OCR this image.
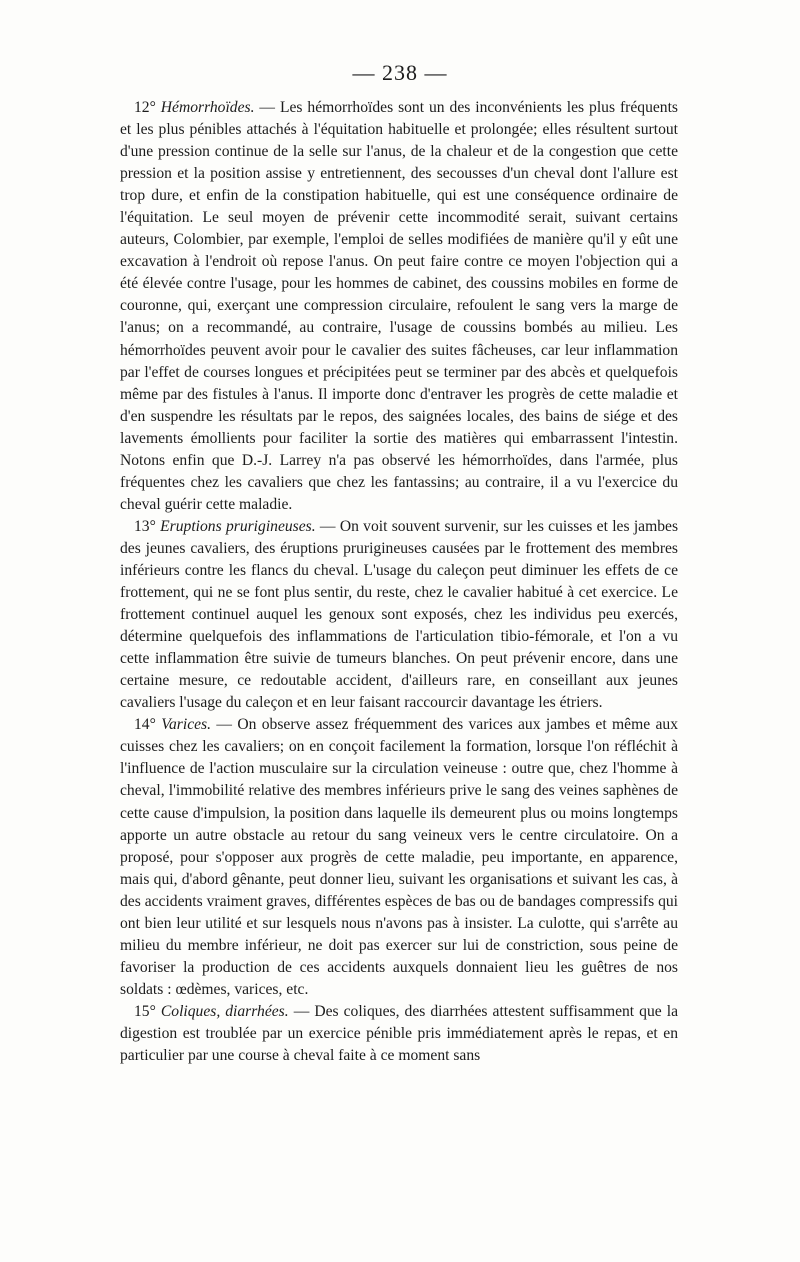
— 238 —

12° Hémorrhoïdes. — Les hémorrhoïdes sont un des inconvénients les plus fréquents et les plus pénibles attachés à l'équitation habituelle et prolongée; elles résultent surtout d'une pression continue de la selle sur l'anus, de la chaleur et de la congestion que cette pression et la position assise y entretiennent, des secousses d'un cheval dont l'allure est trop dure, et enfin de la constipation habituelle, qui est une conséquence ordinaire de l'équitation. Le seul moyen de prévenir cette incommodité serait, suivant certains auteurs, Colombier, par exemple, l'emploi de selles modifiées de manière qu'il y eût une excavation à l'endroit où repose l'anus. On peut faire contre ce moyen l'objection qui a été élevée contre l'usage, pour les hommes de cabinet, des coussins mobiles en forme de couronne, qui, exerçant une compression circulaire, refoulent le sang vers la marge de l'anus; on a recommandé, au contraire, l'usage de coussins bombés au milieu. Les hémorrhoïdes peuvent avoir pour le cavalier des suites fâcheuses, car leur inflammation par l'effet de courses longues et précipitées peut se terminer par des abcès et quelquefois même par des fistules à l'anus. Il importe donc d'entraver les progrès de cette maladie et d'en suspendre les résultats par le repos, des saignées locales, des bains de siége et des lavements émollients pour faciliter la sortie des matières qui embarrassent l'intestin. Notons enfin que D.-J. Larrey n'a pas observé les hémorrhoïdes, dans l'armée, plus fréquentes chez les cavaliers que chez les fantassins; au contraire, il a vu l'exercice du cheval guérir cette maladie.

13° Eruptions prurigineuses. — On voit souvent survenir, sur les cuisses et les jambes des jeunes cavaliers, des éruptions prurigineuses causées par le frottement des membres inférieurs contre les flancs du cheval. L'usage du caleçon peut diminuer les effets de ce frottement, qui ne se font plus sentir, du reste, chez le cavalier habitué à cet exercice. Le frottement continuel auquel les genoux sont exposés, chez les individus peu exercés, détermine quelquefois des inflammations de l'articulation tibio-fémorale, et l'on a vu cette inflammation être suivie de tumeurs blanches. On peut prévenir encore, dans une certaine mesure, ce redoutable accident, d'ailleurs rare, en conseillant aux jeunes cavaliers l'usage du caleçon et en leur faisant raccourcir davantage les étriers.

14° Varices. — On observe assez fréquemment des varices aux jambes et même aux cuisses chez les cavaliers; on en conçoit facilement la formation, lorsque l'on réfléchit à l'influence de l'action musculaire sur la circulation veineuse : outre que, chez l'homme à cheval, l'immobilité relative des membres inférieurs prive le sang des veines saphènes de cette cause d'impulsion, la position dans laquelle ils demeurent plus ou moins longtemps apporte un autre obstacle au retour du sang veineux vers le centre circulatoire. On a proposé, pour s'opposer aux progrès de cette maladie, peu importante, en apparence, mais qui, d'abord gênante, peut donner lieu, suivant les organisations et suivant les cas, à des accidents vraiment graves, différentes espèces de bas ou de bandages compressifs qui ont bien leur utilité et sur lesquels nous n'avons pas à insister. La culotte, qui s'arrête au milieu du membre inférieur, ne doit pas exercer sur lui de constriction, sous peine de favoriser la production de ces accidents auxquels donnaient lieu les guêtres de nos soldats : œdèmes, varices, etc.

15° Coliques, diarrhées. — Des coliques, des diarrhées attestent suffisamment que la digestion est troublée par un exercice pénible pris immédiatement après le repas, et en particulier par une course à cheval faite à ce moment sans
